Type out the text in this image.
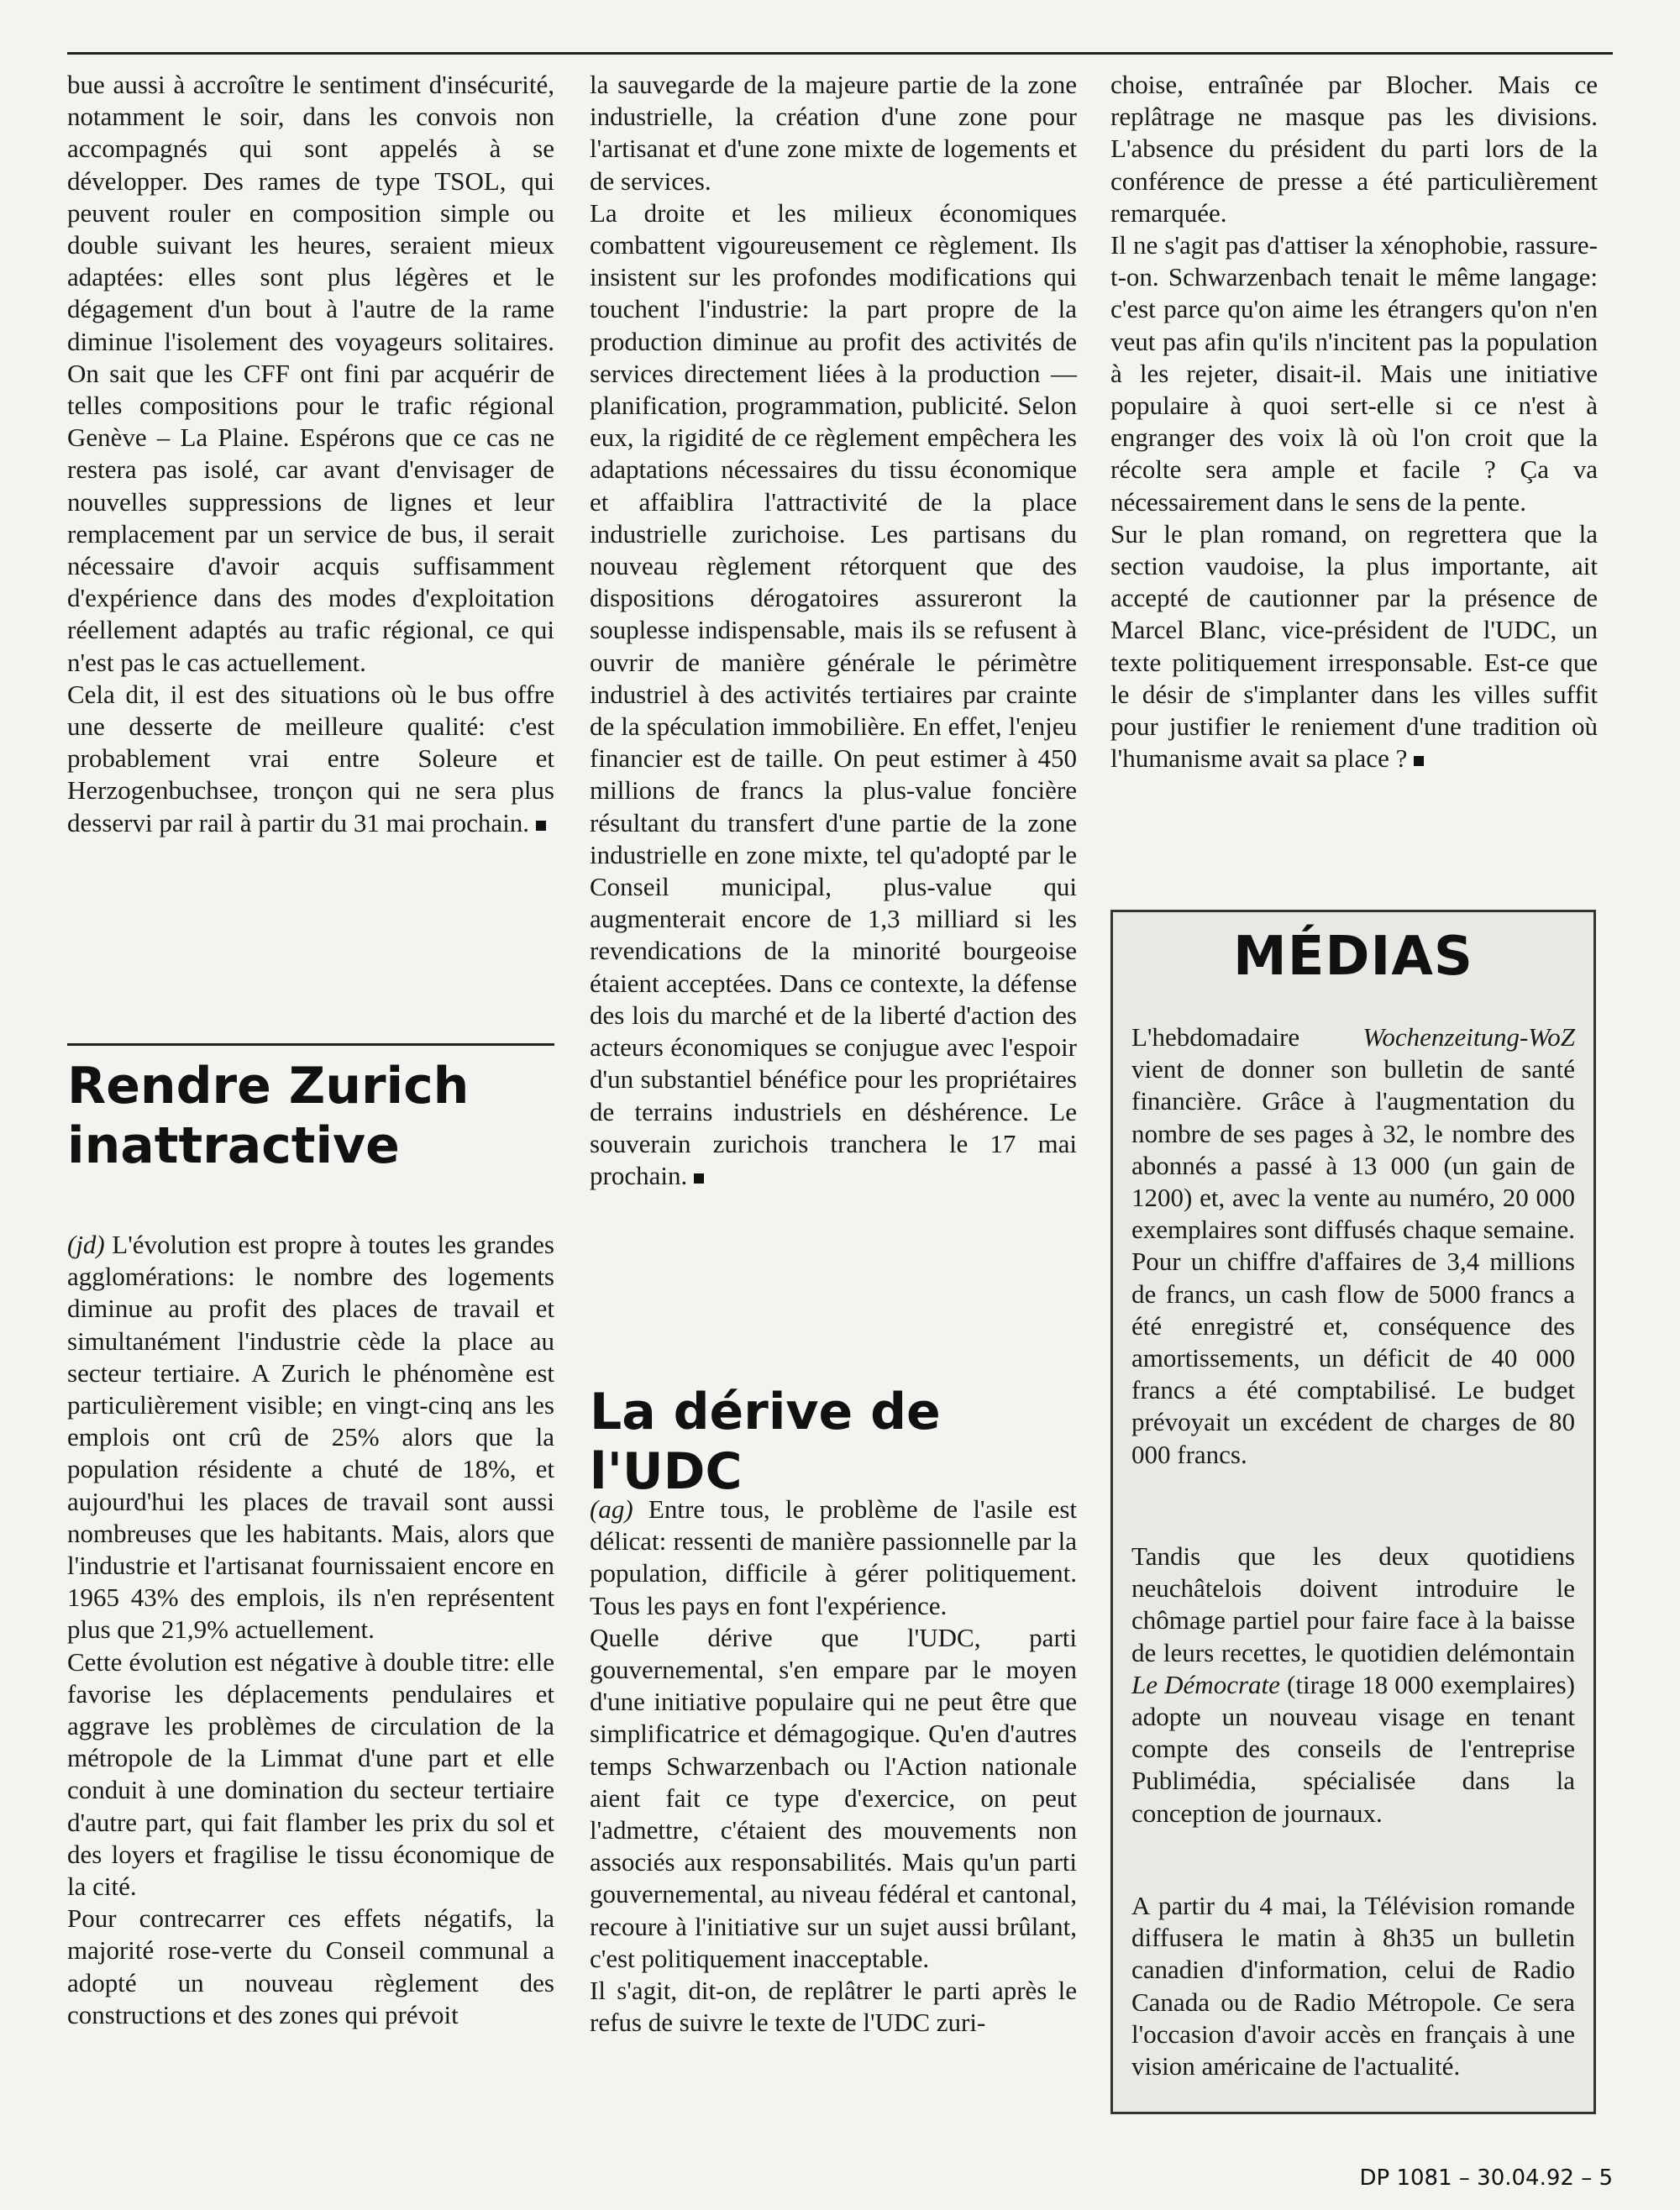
bue aussi à accroître le sentiment d'insécurité, notamment le soir, dans les convois non accompagnés qui sont appelés à se développer. Des rames de type TSOL, qui peuvent rouler en composition simple ou double suivant les heures, seraient mieux adaptées: elles sont plus légères et le dégagement d'un bout à l'autre de la rame diminue l'isolement des voyageurs solitaires. On sait que les CFF ont fini par acquérir de telles compositions pour le trafic régional Genève – La Plaine. Espérons que ce cas ne restera pas isolé, car avant d'envisager de nouvelles suppressions de lignes et leur remplacement par un service de bus, il serait nécessaire d'avoir acquis suffisamment d'expérience dans des modes d'exploitation réellement adaptés au trafic régional, ce qui n'est pas le cas actuellement.

Cela dit, il est des situations où le bus offre une desserte de meilleure qualité: c'est probablement vrai entre Soleure et Herzogenbuchsee, tronçon qui ne sera plus desservi par rail à partir du 31 mai prochain.

Rendre Zurich
inattractive

(jd) L'évolution est propre à toutes les grandes agglomérations: le nombre des logements diminue au profit des places de travail et simultanément l'industrie cède la place au secteur tertiaire. A Zurich le phénomène est particulièrement visible; en vingt-cinq ans les emplois ont crû de 25% alors que la population résidente a chuté de 18%, et aujourd'hui les places de travail sont aussi nombreuses que les habitants. Mais, alors que l'industrie et l'artisanat fournissaient encore en 1965 43% des emplois, ils n'en représentent plus que 21,9% actuellement.

Cette évolution est négative à double titre: elle favorise les déplacements pendulaires et aggrave les problèmes de circulation de la métropole de la Limmat d'une part et elle conduit à une domination du secteur tertiaire d'autre part, qui fait flamber les prix du sol et des loyers et fragilise le tissu économique de la cité.

Pour contrecarrer ces effets négatifs, la majorité rose-verte du Conseil communal a adopté un nouveau règlement des constructions et des zones qui prévoit

la sauvegarde de la majeure partie de la zone industrielle, la création d'une zone pour l'artisanat et d'une zone mixte de logements et de services.

La droite et les milieux économiques combattent vigoureusement ce règlement. Ils insistent sur les profondes modifications qui touchent l'industrie: la part propre de la production diminue au profit des activités de services directement liées à la production — planification, programmation, publicité. Selon eux, la rigidité de ce règlement empêchera les adaptations nécessaires du tissu économique et affaiblira l'attractivité de la place industrielle zurichoise. Les partisans du nouveau règlement rétorquent que des dispositions dérogatoires assureront la souplesse indispensable, mais ils se refusent à ouvrir de manière générale le périmètre industriel à des activités tertiaires par crainte de la spéculation immobilière. En effet, l'enjeu financier est de taille. On peut estimer à 450 millions de francs la plus-value foncière résultant du transfert d'une partie de la zone industrielle en zone mixte, tel qu'adopté par le Conseil municipal, plus-value qui augmenterait encore de 1,3 milliard si les revendications de la minorité bourgeoise étaient acceptées. Dans ce contexte, la défense des lois du marché et de la liberté d'action des acteurs économiques se conjugue avec l'espoir d'un substantiel bénéfice pour les propriétaires de terrains industriels en déshérence. Le souverain zurichois tranchera le 17 mai prochain.

La dérive de l'UDC

(ag) Entre tous, le problème de l'asile est délicat: ressenti de manière passionnelle par la population, difficile à gérer politiquement. Tous les pays en font l'expérience.

Quelle dérive que l'UDC, parti gouvernemental, s'en empare par le moyen d'une initiative populaire qui ne peut être que simplificatrice et démagogique. Qu'en d'autres temps Schwarzenbach ou l'Action nationale aient fait ce type d'exercice, on peut l'admettre, c'étaient des mouvements non associés aux responsabilités. Mais qu'un parti gouvernemental, au niveau fédéral et cantonal, recoure à l'initiative sur un sujet aussi brûlant, c'est politiquement inacceptable.

Il s'agit, dit-on, de replâtrer le parti après le refus de suivre le texte de l'UDC zuri-

choise, entraînée par Blocher. Mais ce replâtrage ne masque pas les divisions. L'absence du président du parti lors de la conférence de presse a été particulièrement remarquée.

Il ne s'agit pas d'attiser la xénophobie, rassure-t-on. Schwarzenbach tenait le même langage: c'est parce qu'on aime les étrangers qu'on n'en veut pas afin qu'ils n'incitent pas la population à les rejeter, disait-il. Mais une initiative populaire à quoi sert-elle si ce n'est à engranger des voix là où l'on croit que la récolte sera ample et facile ? Ça va nécessairement dans le sens de la pente.

Sur le plan romand, on regrettera que la section vaudoise, la plus importante, ait accepté de cautionner par la présence de Marcel Blanc, vice-président de l'UDC, un texte politiquement irresponsable. Est-ce que le désir de s'implanter dans les villes suffit pour justifier le reniement d'une tradition où l'humanisme avait sa place ?

MÉDIAS

L'hebdomadaire Wochenzeitung-WoZ vient de donner son bulletin de santé financière. Grâce à l'augmentation du nombre de ses pages à 32, le nombre des abonnés a passé à 13 000 (un gain de 1200) et, avec la vente au numéro, 20 000 exemplaires sont diffusés chaque semaine. Pour un chiffre d'affaires de 3,4 millions de francs, un cash flow de 5000 francs a été enregistré et, conséquence des amortissements, un déficit de 40 000 francs a été comptabilisé. Le budget prévoyait un excédent de charges de 80 000 francs.

Tandis que les deux quotidiens neuchâtelois doivent introduire le chômage partiel pour faire face à la baisse de leurs recettes, le quotidien delémontain Le Démocrate (tirage 18 000 exemplaires) adopte un nouveau visage en tenant compte des conseils de l'entreprise Publimédia, spécialisée dans la conception de journaux.

A partir du 4 mai, la Télévision romande diffusera le matin à 8h35 un bulletin canadien d'information, celui de Radio Canada ou de Radio Métropole. Ce sera l'occasion d'avoir accès en français à une vision américaine de l'actualité.

DP 1081 – 30.04.92 – 5
